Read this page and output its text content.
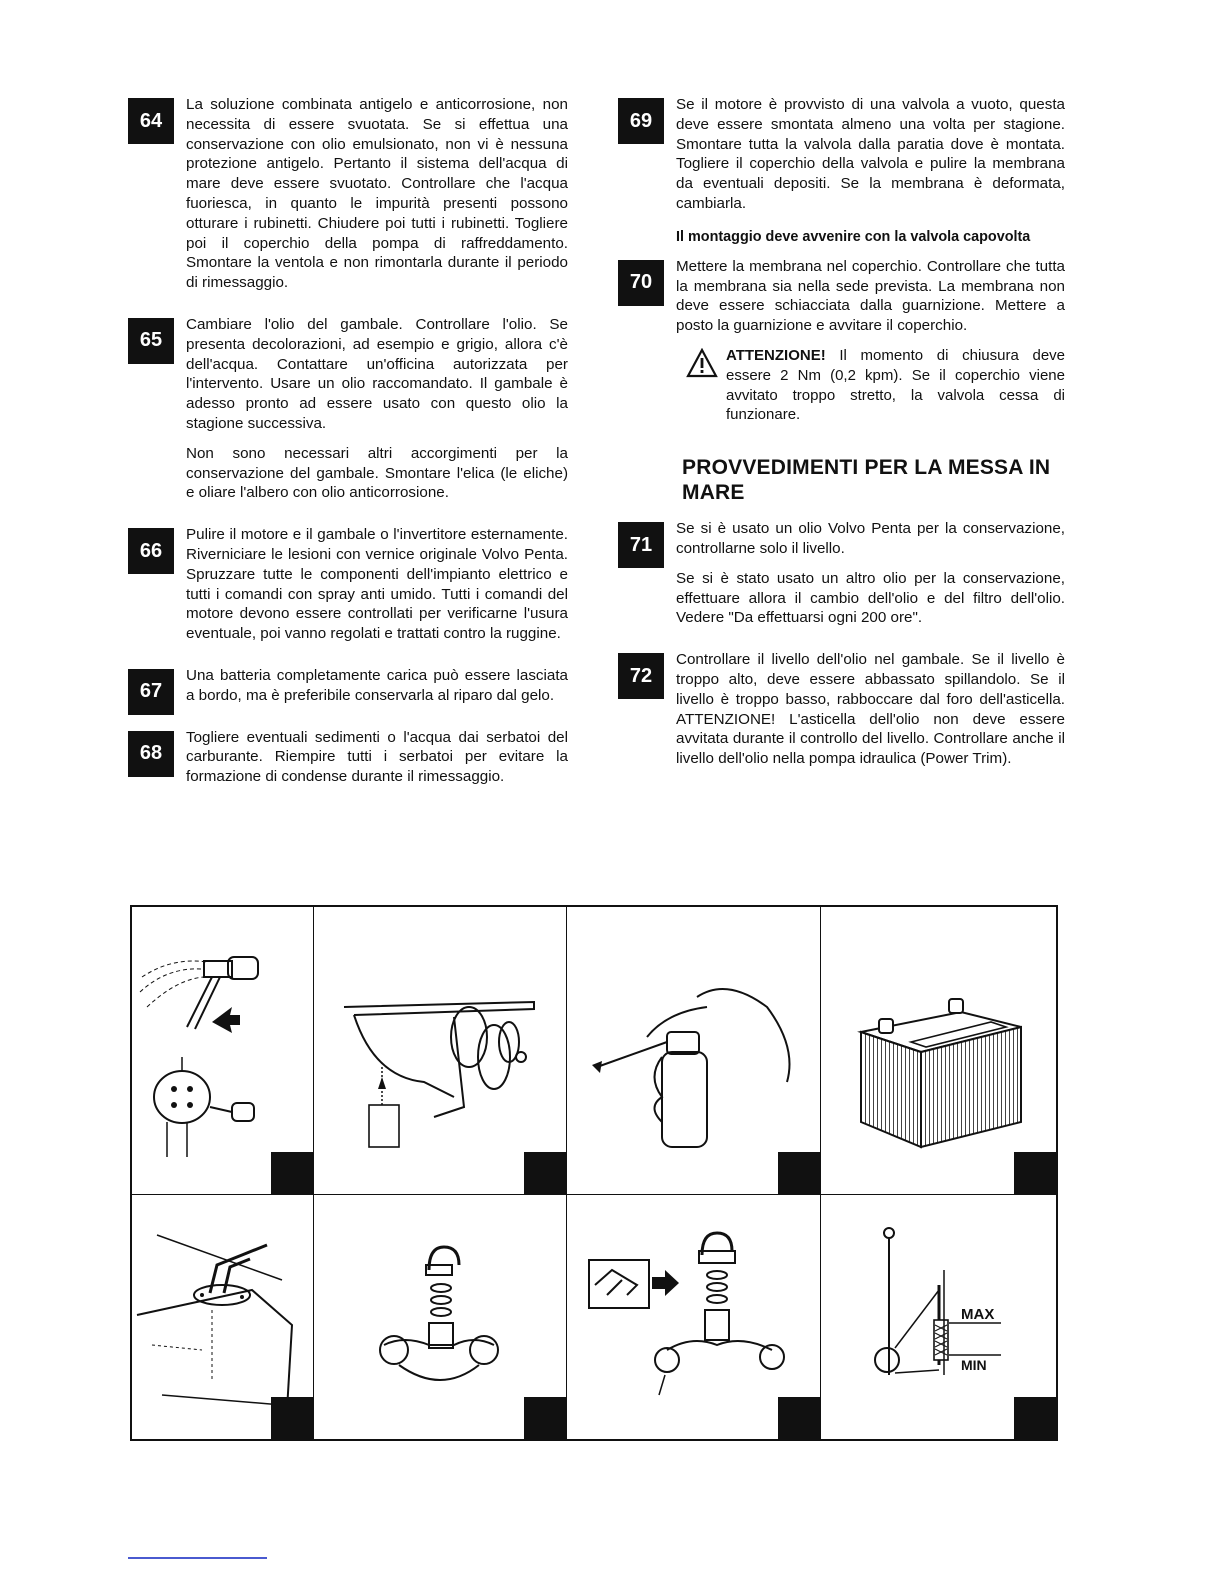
64

La soluzione combinata antigelo e anticorrosione, non necessita di essere svuotata. Se si effettua una conservazione con olio emulsionato, non vi è nessuna protezione antigelo. Pertanto il sistema dell'acqua di mare deve essere svuotato. Controllare che l'acqua fuoriesca, in quanto le impurità presenti possono otturare i rubinetti. Chiudere poi tutti i rubinetti. Togliere poi il coperchio della pompa di raffreddamento. Smontare la ventola e non rimontarla durante il periodo di rimessaggio.

65

Cambiare l'olio del gambale. Controllare l'olio. Se presenta decolorazioni, ad esempio e grigio, allora c'è dell'acqua. Contattare un'officina autorizzata per l'intervento. Usare un olio raccomandato. Il gambale è adesso pronto ad essere usato con questo olio la stagione successiva.

Non sono necessari altri accorgimenti per la conservazione del gambale. Smontare l'elica (le eliche) e oliare l'albero con olio anticorrosione.

66

Pulire il motore e il gambale o l'invertitore esternamente. Riverniciare le lesioni con vernice originale Volvo Penta. Spruzzare tutte le componenti dell'impianto elettrico e tutti i comandi con spray anti umido. Tutti i comandi del motore devono essere controllati per verificarne l'usura eventuale, poi vanno regolati e trattati contro la ruggine.

67

Una batteria completamente carica può essere lasciata a bordo, ma è preferibile conservarla al riparo dal gelo.

68

Togliere eventuali sedimenti o l'acqua dai serbatoi del carburante. Riempire tutti i serbatoi per evitare la formazione di condense durante il rimessaggio.

69

Se il motore è provvisto di una valvola a vuoto, questa deve essere smontata almeno una volta per stagione. Smontare tutta la valvola dalla paratia dove è montata. Togliere il coperchio della valvola e pulire la membrana da eventuali depositi. Se la membrana è deformata, cambiarla.

Il montaggio deve avvenire con la valvola capovolta
70

Mettere la membrana nel coperchio. Controllare che tutta la membrana sia nella sede prevista. La membrana non deve essere schiacciata dalla guarnizione. Mettere a posto la guarnizione e avvitare il coperchio.

ATTENZIONE! Il momento di chiusura deve essere 2 Nm (0,2 kpm). Se il coperchio viene avvitato troppo stretto, la valvola cessa di funzionare.
PROVVEDIMENTI PER LA MESSA IN MARE
71

Se si è usato un olio Volvo Penta per la conservazione, controllarne solo il livello.

Se si è stato usato un altro olio per la conservazione, effettuare allora il cambio dell'olio e del filtro dell'olio. Vedere "Da effettuarsi ogni 200 ore".

72

Controllare il livello dell'olio nel gambale. Se il livello è troppo alto, deve essere abbassato spillandolo. Se il livello è troppo basso, rabboccare dal foro dell'asticella. ATTENZIONE! L'asticella dell'olio non deve essere avvitata durante il controllo del livello. Controllare anche il livello dell'olio nella pompa idraulica (Power Trim).

MAX
MIN
